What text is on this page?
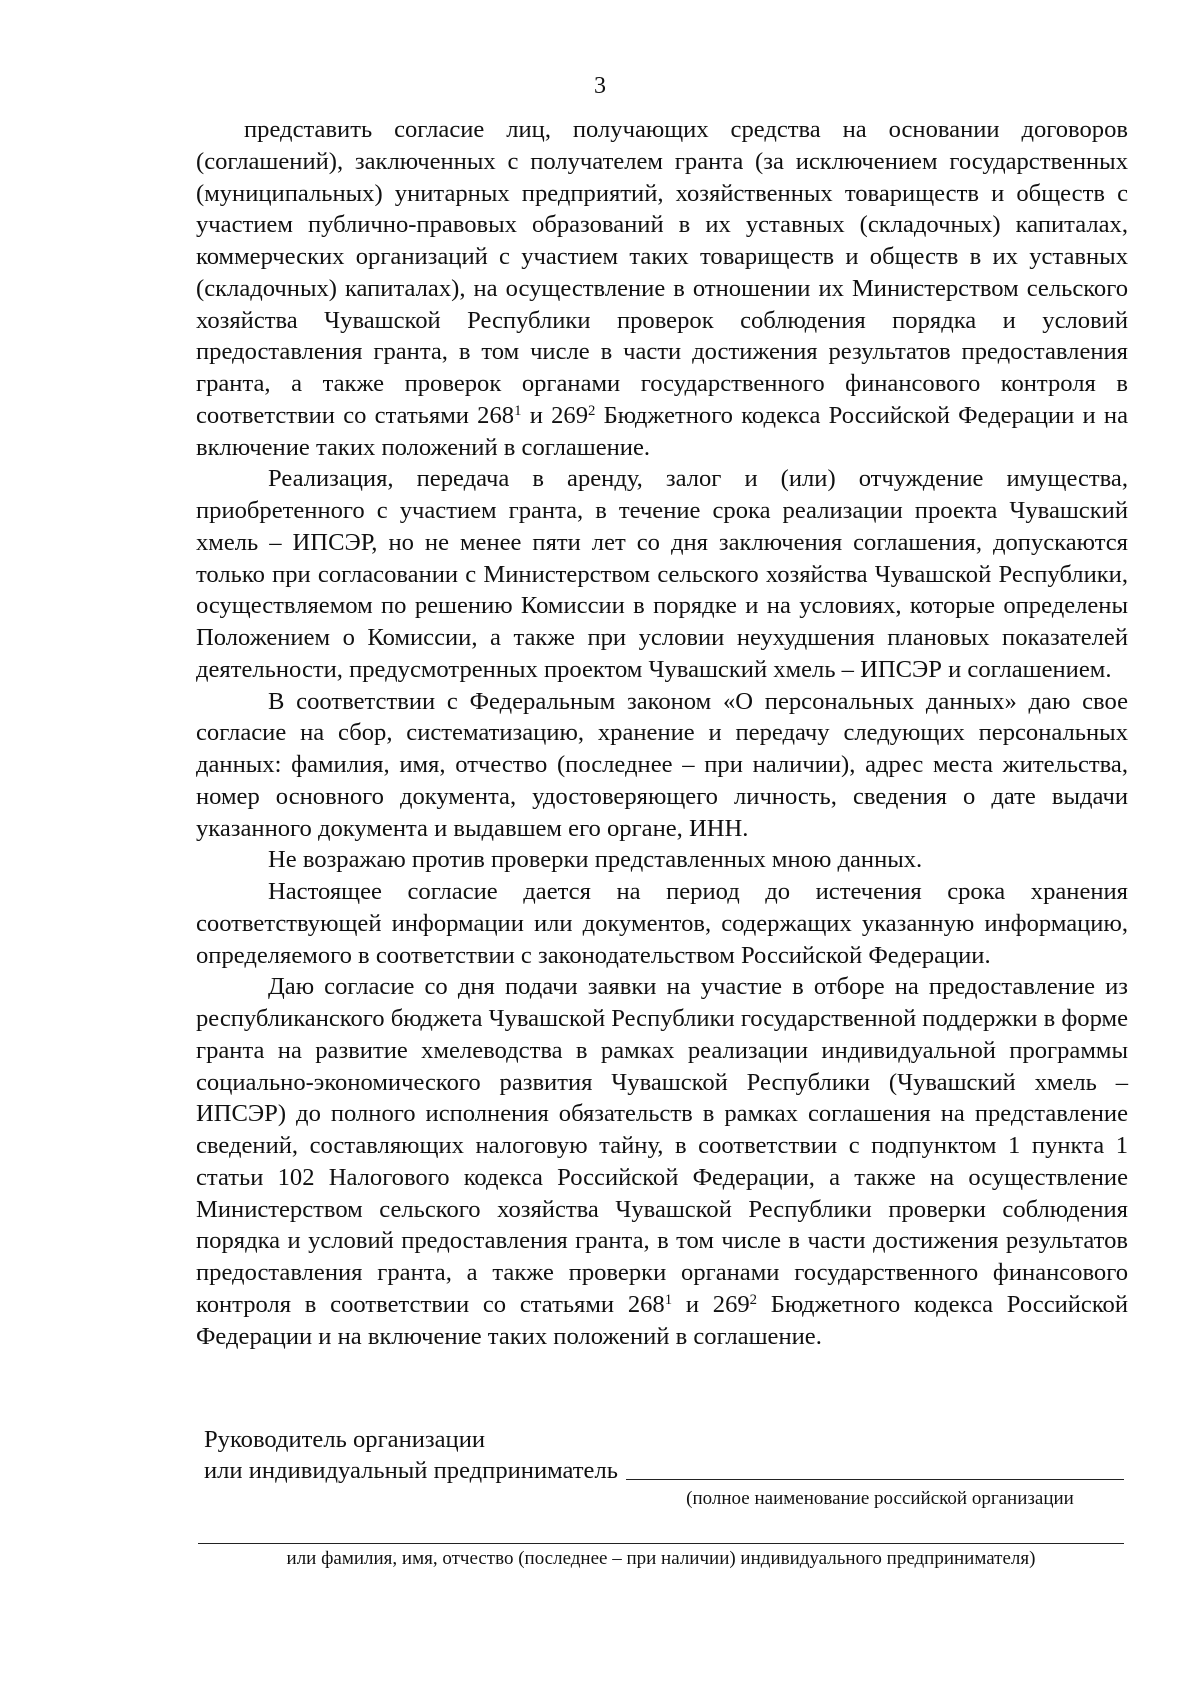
3

представить согласие лиц, получающих средства на основании договоров (соглашений), заключенных с получателем гранта (за исключением государственных (муниципальных) унитарных предприятий, хозяйственных товариществ и обществ с участием публично-правовых образований в их уставных (складочных) капиталах, коммерческих организаций с участием таких товариществ и обществ в их уставных (складочных) капиталах), на осуществление в отношении их Министерством сельского хозяйства Чувашской Республики проверок соблюдения порядка и условий предоставления гранта, в том числе в части достижения результатов предоставления гранта, а также проверок органами государственного финансового контроля в соответствии со статьями $268^1$ и $269^2$ Бюджетного кодекса Российской Федерации и на включение таких положений в соглашение.

Реализация, передача в аренду, залог и (или) отчуждение имущества, приобретенного с участием гранта, в течение срока реализации проекта Чувашский хмель – ИПСЭР, но не менее пяти лет со дня заключения соглашения, допускаются только при согласовании с Министерством сельского хозяйства Чувашской Республики, осуществляемом по решению Комиссии в порядке и на условиях, которые определены Положением о Комиссии, а также при условии неухудшения плановых показателей деятельности, предусмотренных проектом Чувашский хмель – ИПСЭР и соглашением.

В соответствии с Федеральным законом «О персональных данных» даю свое согласие на сбор, систематизацию, хранение и передачу следующих персональных данных: фамилия, имя, отчество (последнее – при наличии), адрес места жительства, номер основного документа, удостоверяющего личность, сведения о дате выдачи указанного документа и выдавшем его органе, ИНН.

Не возражаю против проверки представленных мною данных.

Настоящее согласие дается на период до истечения срока хранения соответствующей информации или документов, содержащих указанную информацию, определяемого в соответствии с законодательством Российской Федерации.

Даю согласие со дня подачи заявки на участие в отборе на предоставление из республиканского бюджета Чувашской Республики государственной поддержки в форме гранта на развитие хмелеводства в рамках реализации индивидуальной программы социально-экономического развития Чувашской Республики (Чувашский хмель – ИПСЭР) до полного исполнения обязательств в рамках соглашения на представление сведений, составляющих налоговую тайну, в соответствии с подпунктом 1 пункта 1 статьи 102 Налогового кодекса Российской Федерации, а также на осуществление Министерством сельского хозяйства Чувашской Республики проверки соблюдения порядка и условий предоставления гранта, в том числе в части достижения результатов предоставления гранта, а также проверки органами государственного финансового контроля в соответствии со статьями $268^1$ и $269^2$ Бюджетного кодекса Российской Федерации и на включение таких положений в соглашение.

Руководитель организации
или индивидуальный предприниматель
(полное наименование российской организации
или фамилия, имя, отчество (последнее – при наличии) индивидуального предпринимателя)
